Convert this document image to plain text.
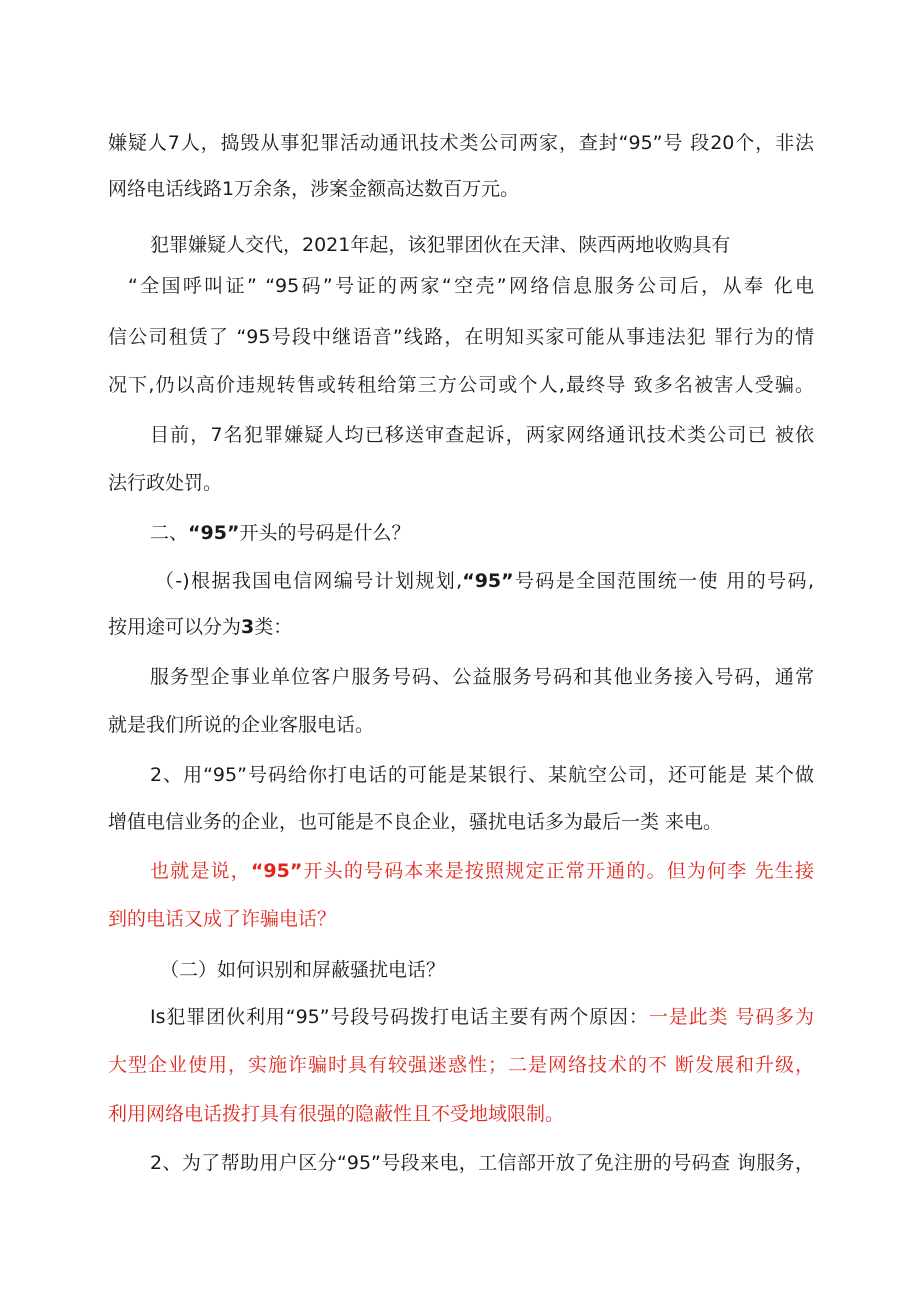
嫌疑人7人，捣毁从事犯罪活动通讯技术类公司两家，查封“95”号 段20个，非法
网络电话线路1万余条，涉案金额高达数百万元。
犯罪嫌疑人交代，2021年起，该犯罪团伙在天津、陕西两地收购具有
“全国呼叫证” “95码”号证的两家“空壳”网络信息服务公司后，从奉 化电
信公司租赁了 “95号段中继语音”线路，在明知买家可能从事违法犯 罪行为的情
况下,仍以高价违规转售或转租给第三方公司或个人,最终导 致多名被害人受骗。
目前，7名犯罪嫌疑人均已移送审查起诉，两家网络通讯技术类公司已 被依
法行政处罚。
二、“95”开头的号码是什么？
（-)根据我国电信网编号计划规划,“95”号码是全国范围统一使 用的号码,
按用途可以分为3类：
服务型企事业单位客户服务号码、公益服务号码和其他业务接入号码，通常
就是我们所说的企业客服电话。
2、用“95”号码给你打电话的可能是某银行、某航空公司，还可能是 某个做
增值电信业务的企业，也可能是不良企业，骚扰电话多为最后一类 来电。
也就是说，“95”开头的号码本来是按照规定正常开通的。但为何李 先生接
到的电话又成了诈骗电话？
（二）如何识别和屏蔽骚扰电话？
Is犯罪团伙利用“95”号段号码拨打电话主要有两个原因：一是此类 号码多为
大型企业使用，实施诈骗时具有较强迷惑性；二是网络技术的不 断发展和升级，
利用网络电话拨打具有很强的隐蔽性且不受地域限制。
2、为了帮助用户区分“95”号段来电，工信部开放了免注册的号码查 询服务，
